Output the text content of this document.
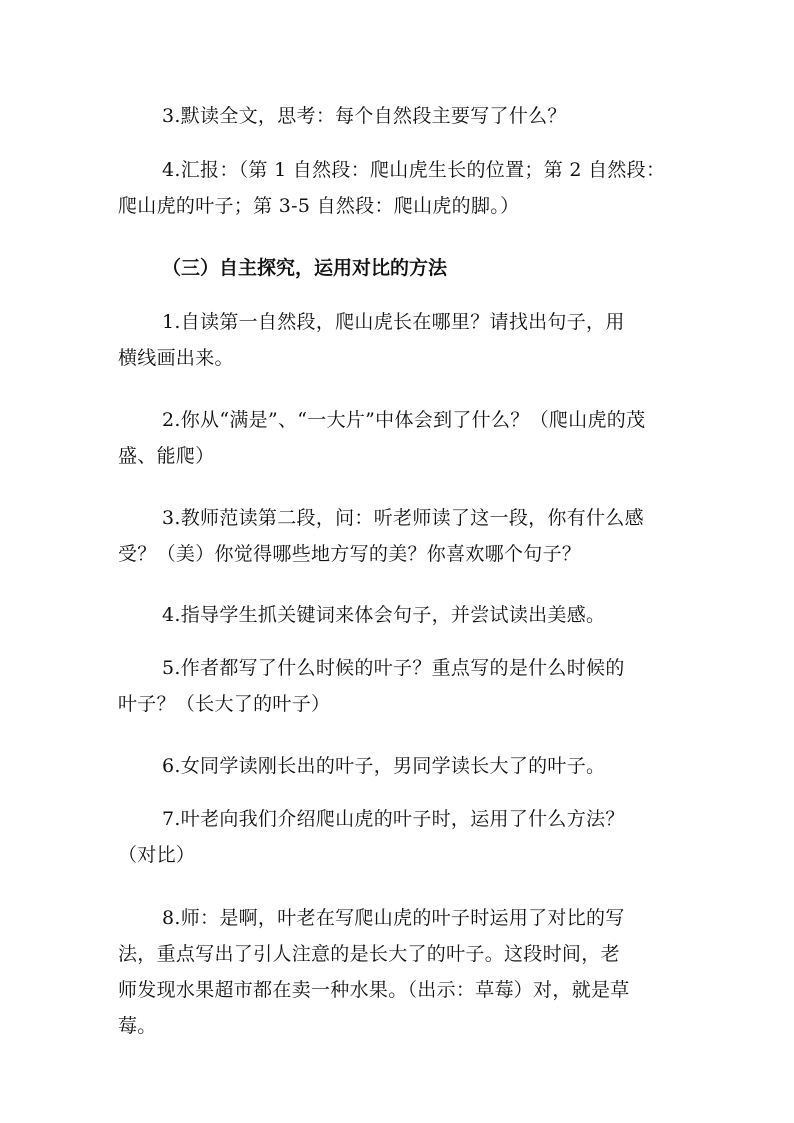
3.默读全文，思考：每个自然段主要写了什么？

4.汇报：（第 1 自然段：爬山虎生长的位置；第 2 自然段：
爬山虎的叶子；第 3-5 自然段：爬山虎的脚。）

（三）自主探究，运用对比的方法

1.自读第一自然段，爬山虎长在哪里？请找出句子，用
横线画出来。

2.你从“满是”、“一大片”中体会到了什么？（爬山虎的茂
盛、能爬）

3.教师范读第二段，问：听老师读了这一段，你有什么感
受？（美）你觉得哪些地方写的美？你喜欢哪个句子？

4.指导学生抓关键词来体会句子，并尝试读出美感。

5.作者都写了什么时候的叶子？重点写的是什么时候的
叶子？（长大了的叶子）

6.女同学读刚长出的叶子，男同学读长大了的叶子。

7.叶老向我们介绍爬山虎的叶子时，运用了什么方法？
（对比）

8.师：是啊，叶老在写爬山虎的叶子时运用了对比的写
法，重点写出了引人注意的是长大了的叶子。这段时间，老
师发现水果超市都在卖一种水果。（出示：草莓）对，就是草
莓。
